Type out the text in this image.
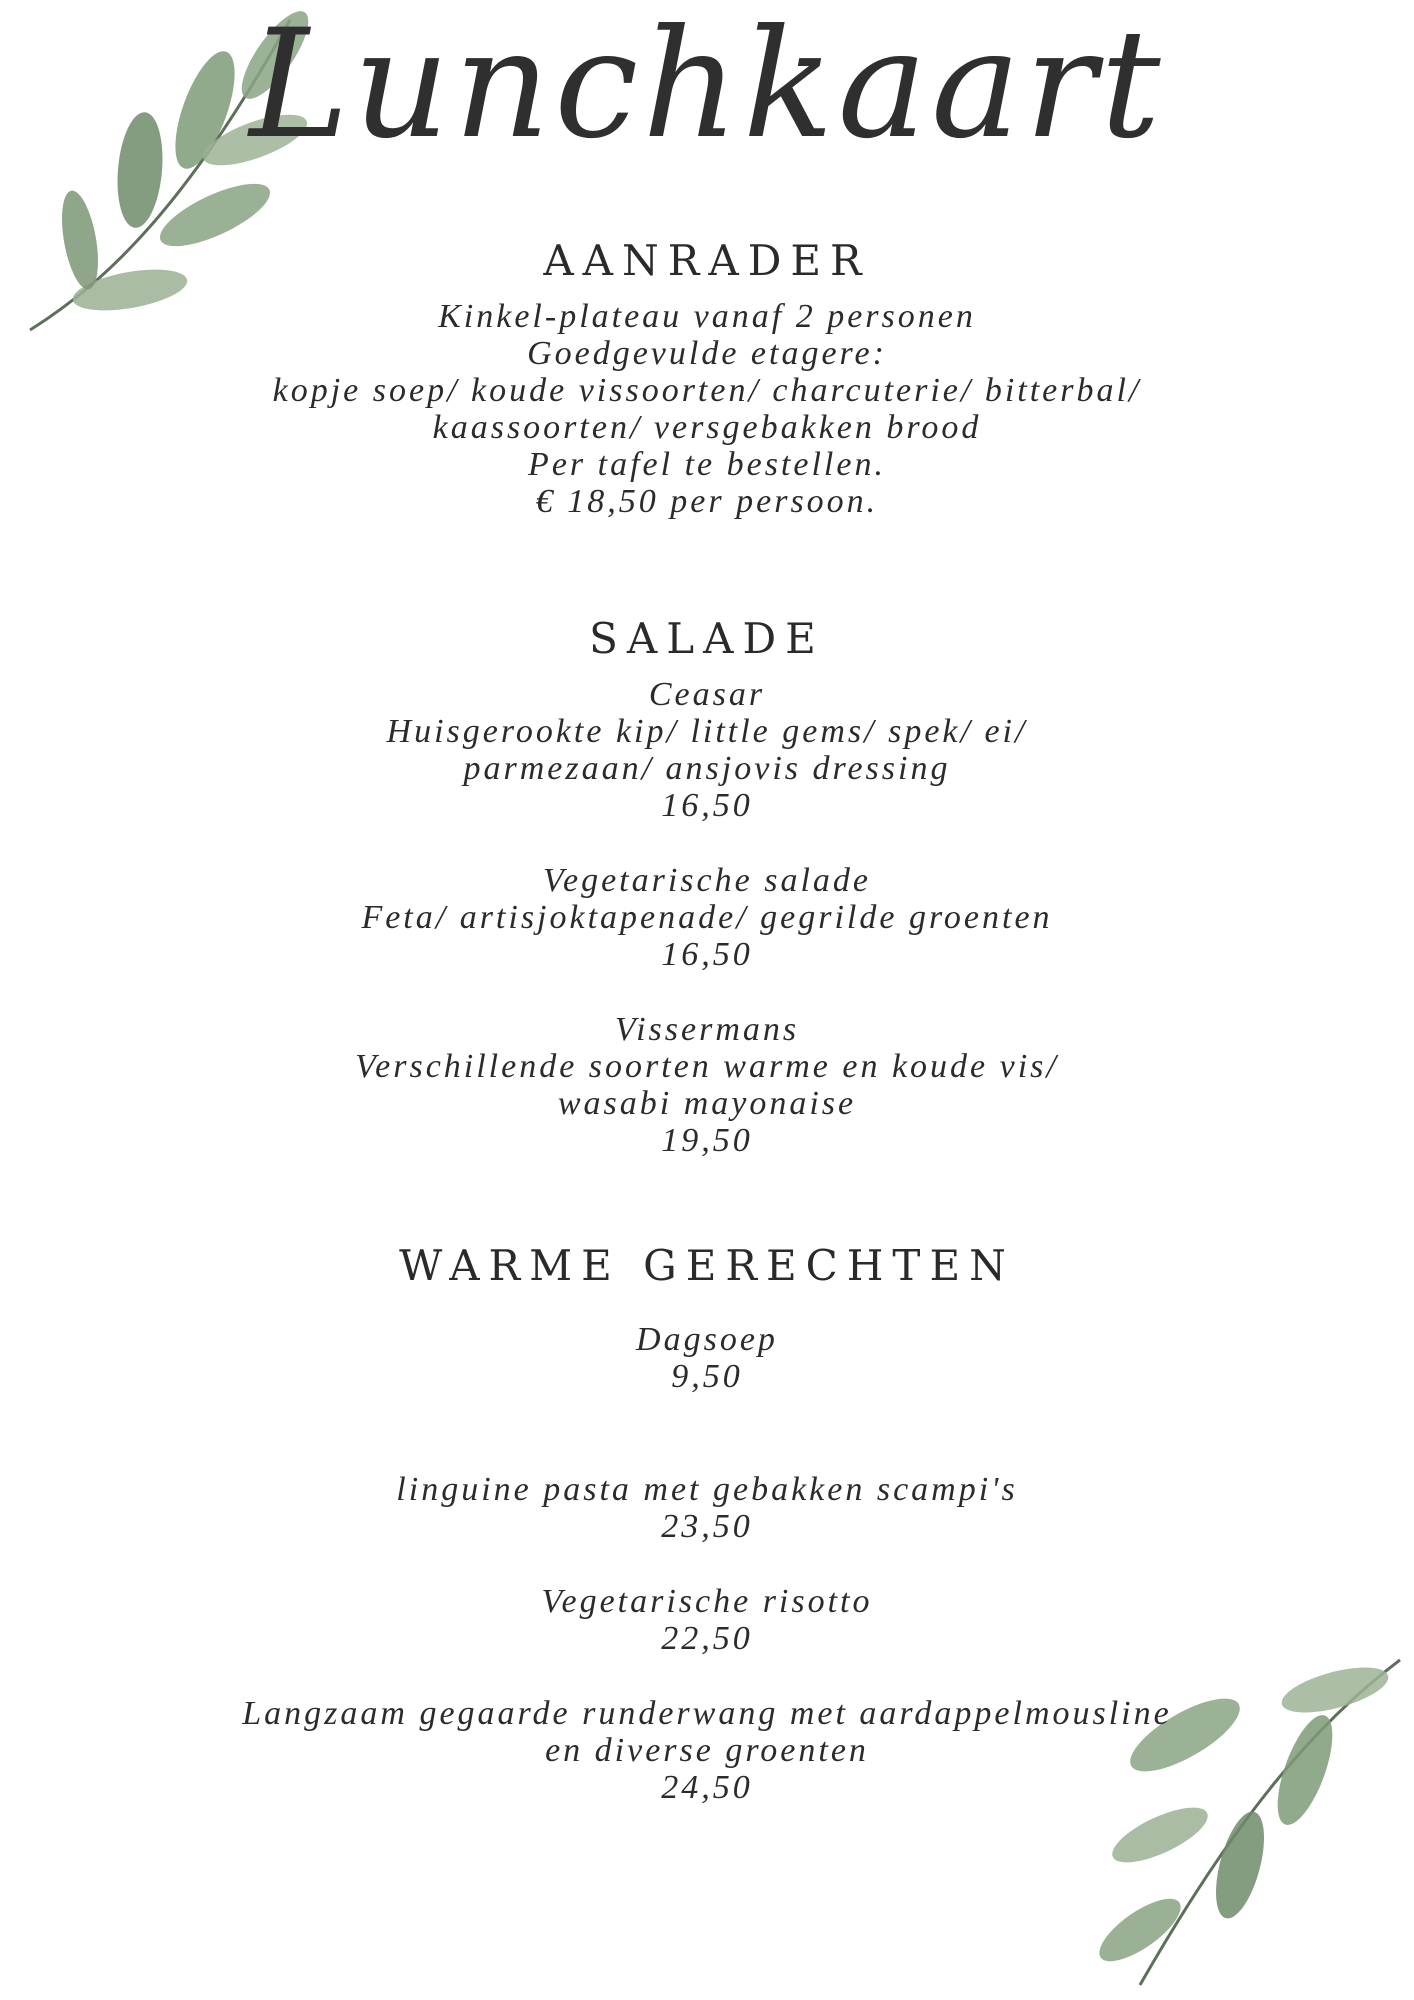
Lunchkaart
AANRADER
Kinkel-plateau vanaf 2 personen
Goedgevulde etagere:
kopje soep/ koude vissoorten/ charcuterie/ bitterbal/
kaassoorten/ versgebakken brood
Per tafel te bestellen.
€ 18,50 per persoon.
SALADE
Ceasar
Huisgerookte kip/ little gems/ spek/ ei/
parmezaan/ ansjovis dressing
16,50
Vegetarische salade
Feta/ artisjoktapenade/ gegrilde groenten
16,50
Vissermans
Verschillende soorten warme en koude vis/
wasabi mayonaise
19,50
WARME GERECHTEN
Dagsoep
9,50
linguine pasta met gebakken scampi's
23,50
Vegetarische risotto
22,50
Langzaam gegaarde runderwang met aardappelmousline
en diverse groenten
24,50
